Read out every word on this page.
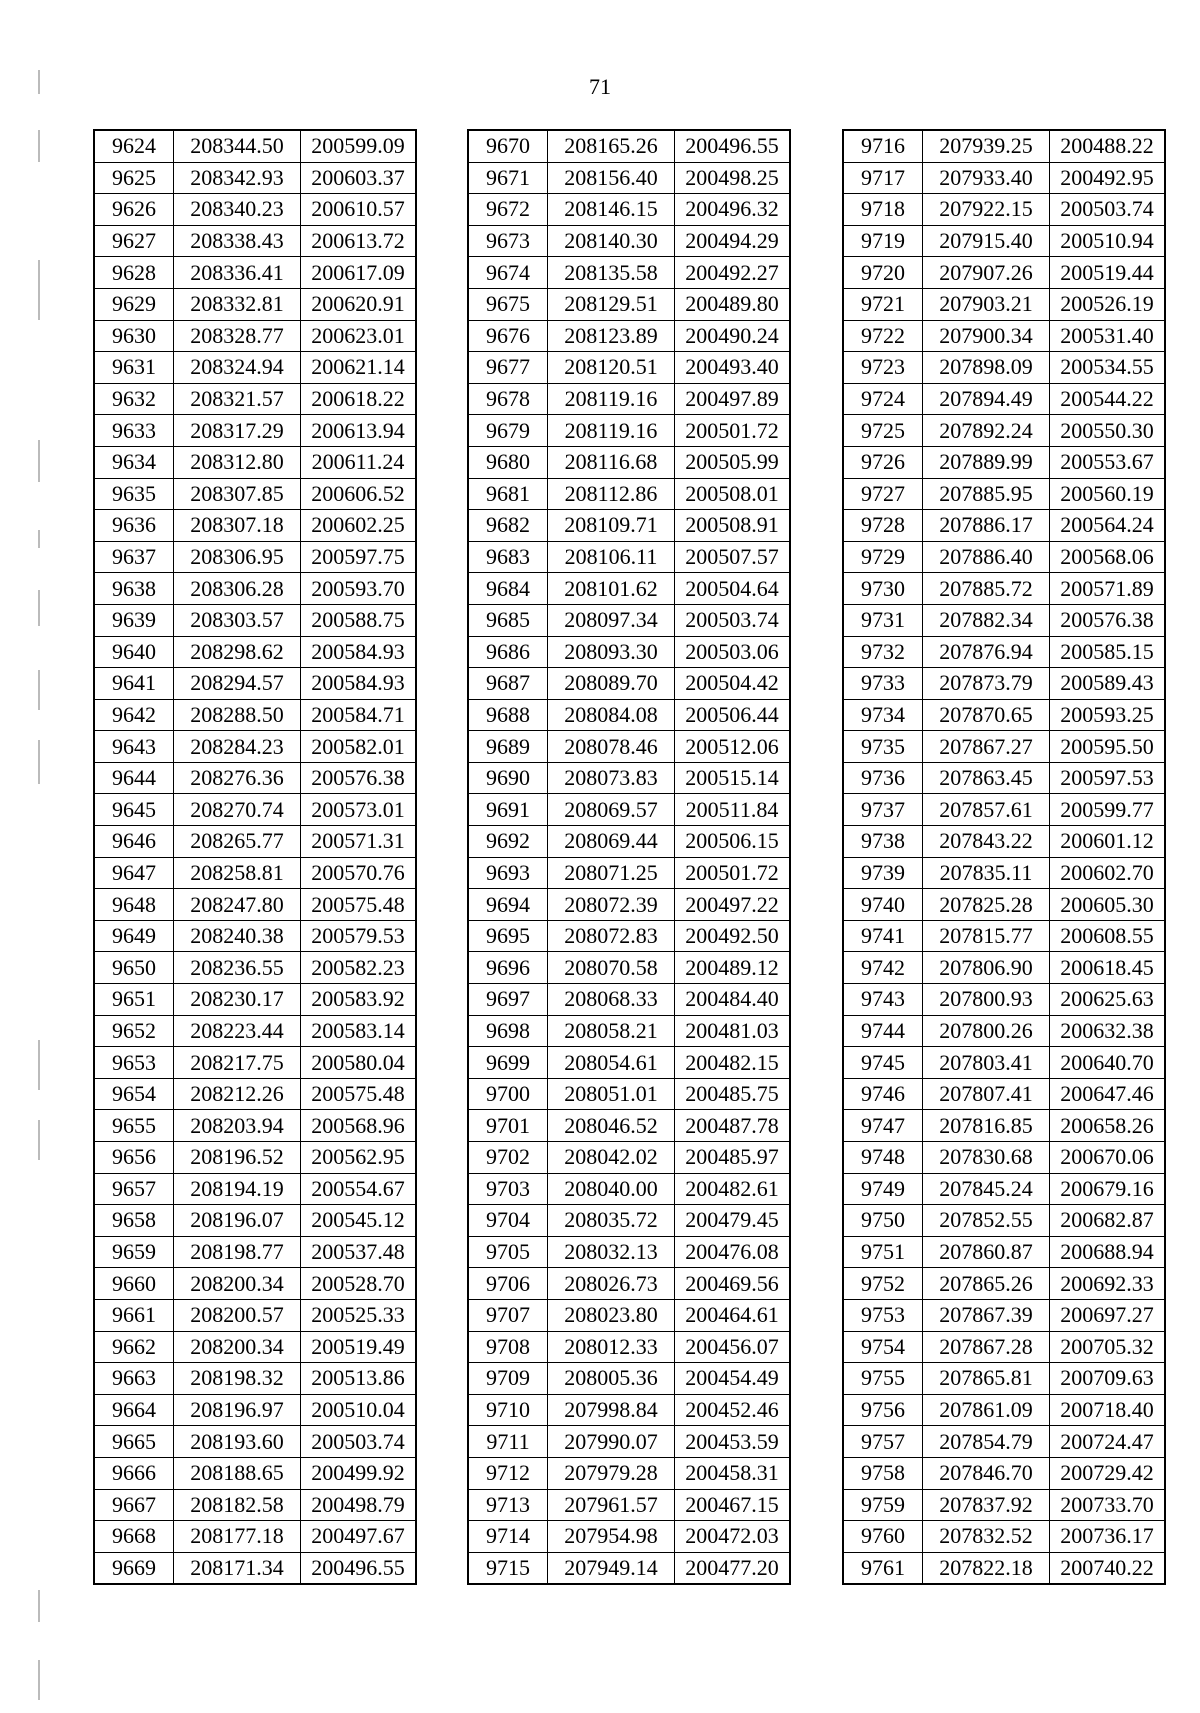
71
9624	208344.50	200599.09
9625	208342.93	200603.37
9626	208340.23	200610.57
9627	208338.43	200613.72
9628	208336.41	200617.09
9629	208332.81	200620.91
9630	208328.77	200623.01
9631	208324.94	200621.14
9632	208321.57	200618.22
9633	208317.29	200613.94
9634	208312.80	200611.24
9635	208307.85	200606.52
9636	208307.18	200602.25
9637	208306.95	200597.75
9638	208306.28	200593.70
9639	208303.57	200588.75
9640	208298.62	200584.93
9641	208294.57	200584.93
9642	208288.50	200584.71
9643	208284.23	200582.01
9644	208276.36	200576.38
9645	208270.74	200573.01
9646	208265.77	200571.31
9647	208258.81	200570.76
9648	208247.80	200575.48
9649	208240.38	200579.53
9650	208236.55	200582.23
9651	208230.17	200583.92
9652	208223.44	200583.14
9653	208217.75	200580.04
9654	208212.26	200575.48
9655	208203.94	200568.96
9656	208196.52	200562.95
9657	208194.19	200554.67
9658	208196.07	200545.12
9659	208198.77	200537.48
9660	208200.34	200528.70
9661	208200.57	200525.33
9662	208200.34	200519.49
9663	208198.32	200513.86
9664	208196.97	200510.04
9665	208193.60	200503.74
9666	208188.65	200499.92
9667	208182.58	200498.79
9668	208177.18	200497.67
9669	208171.34	200496.55
9670	208165.26	200496.55
9671	208156.40	200498.25
9672	208146.15	200496.32
9673	208140.30	200494.29
9674	208135.58	200492.27
9675	208129.51	200489.80
9676	208123.89	200490.24
9677	208120.51	200493.40
9678	208119.16	200497.89
9679	208119.16	200501.72
9680	208116.68	200505.99
9681	208112.86	200508.01
9682	208109.71	200508.91
9683	208106.11	200507.57
9684	208101.62	200504.64
9685	208097.34	200503.74
9686	208093.30	200503.06
9687	208089.70	200504.42
9688	208084.08	200506.44
9689	208078.46	200512.06
9690	208073.83	200515.14
9691	208069.57	200511.84
9692	208069.44	200506.15
9693	208071.25	200501.72
9694	208072.39	200497.22
9695	208072.83	200492.50
9696	208070.58	200489.12
9697	208068.33	200484.40
9698	208058.21	200481.03
9699	208054.61	200482.15
9700	208051.01	200485.75
9701	208046.52	200487.78
9702	208042.02	200485.97
9703	208040.00	200482.61
9704	208035.72	200479.45
9705	208032.13	200476.08
9706	208026.73	200469.56
9707	208023.80	200464.61
9708	208012.33	200456.07
9709	208005.36	200454.49
9710	207998.84	200452.46
9711	207990.07	200453.59
9712	207979.28	200458.31
9713	207961.57	200467.15
9714	207954.98	200472.03
9715	207949.14	200477.20
9716	207939.25	200488.22
9717	207933.40	200492.95
9718	207922.15	200503.74
9719	207915.40	200510.94
9720	207907.26	200519.44
9721	207903.21	200526.19
9722	207900.34	200531.40
9723	207898.09	200534.55
9724	207894.49	200544.22
9725	207892.24	200550.30
9726	207889.99	200553.67
9727	207885.95	200560.19
9728	207886.17	200564.24
9729	207886.40	200568.06
9730	207885.72	200571.89
9731	207882.34	200576.38
9732	207876.94	200585.15
9733	207873.79	200589.43
9734	207870.65	200593.25
9735	207867.27	200595.50
9736	207863.45	200597.53
9737	207857.61	200599.77
9738	207843.22	200601.12
9739	207835.11	200602.70
9740	207825.28	200605.30
9741	207815.77	200608.55
9742	207806.90	200618.45
9743	207800.93	200625.63
9744	207800.26	200632.38
9745	207803.41	200640.70
9746	207807.41	200647.46
9747	207816.85	200658.26
9748	207830.68	200670.06
9749	207845.24	200679.16
9750	207852.55	200682.87
9751	207860.87	200688.94
9752	207865.26	200692.33
9753	207867.39	200697.27
9754	207867.28	200705.32
9755	207865.81	200709.63
9756	207861.09	200718.40
9757	207854.79	200724.47
9758	207846.70	200729.42
9759	207837.92	200733.70
9760	207832.52	200736.17
9761	207822.18	200740.22
